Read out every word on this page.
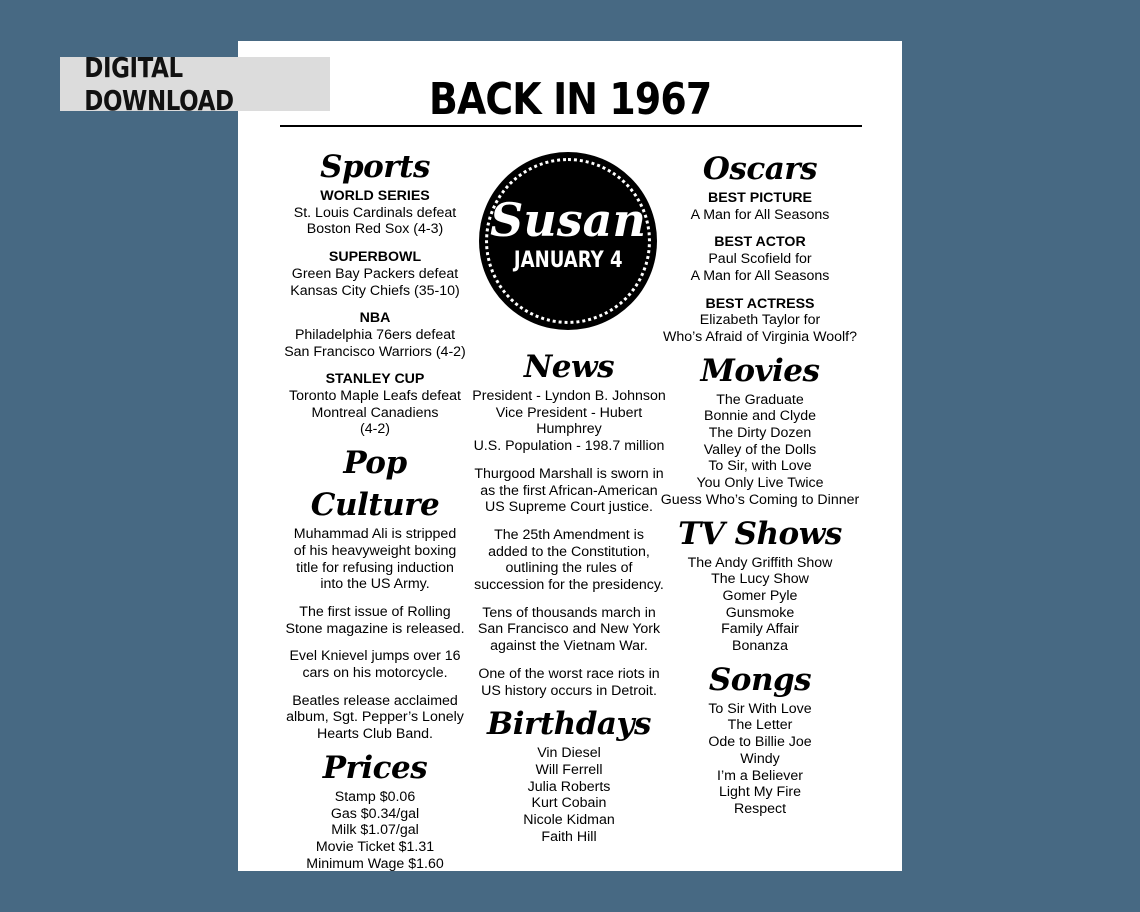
DIGITAL DOWNLOAD	BACK IN 1967
Susan
JANUARY 4
Sports
WORLD SERIES
St. Louis Cardinals defeat
Boston Red Sox (4-3)
SUPERBOWL
Green Bay Packers defeat
Kansas City Chiefs (35-10)
NBA
Philadelphia 76ers defeat
San Francisco Warriors (4-2)
STANLEY CUP
Toronto Maple Leafs defeat
Montreal Canadiens
(4-2)
Pop Culture
Muhammad Ali is stripped
of his heavyweight boxing
title for refusing induction
into the US Army.
The first issue of Rolling
Stone magazine is released.
Evel Knievel jumps over 16
cars on his motorcycle.
Beatles release acclaimed
album, Sgt. Pepper’s Lonely
Hearts Club Band.
Prices
Stamp $0.06
Gas $0.34/gal
Milk $1.07/gal
Movie Ticket $1.31
Minimum Wage $1.60
News
President - Lyndon B. Johnson
Vice President - Hubert Humphrey
U.S. Population - 198.7 million
Thurgood Marshall is sworn in
as the first African-American
US Supreme Court justice.
The 25th Amendment is
added to the Constitution,
outlining the rules of
succession for the presidency.
Tens of thousands march in
San Francisco and New York
against the Vietnam War.
One of the worst race riots in
US history occurs in Detroit.
Birthdays
Vin Diesel
Will Ferrell
Julia Roberts
Kurt Cobain
Nicole Kidman
Faith Hill
Oscars
BEST PICTURE
A Man for All Seasons
BEST ACTOR
Paul Scofield for
A Man for All Seasons
BEST ACTRESS
Elizabeth Taylor for
Who’s Afraid of Virginia Woolf?
Movies
The Graduate
Bonnie and Clyde
The Dirty Dozen
Valley of the Dolls
To Sir, with Love
You Only Live Twice
Guess Who’s Coming to Dinner
TV Shows
The Andy Griffith Show
The Lucy Show
Gomer Pyle
Gunsmoke
Family Affair
Bonanza
Songs
To Sir With Love
The Letter
Ode to Billie Joe
Windy
I’m a Believer
Light My Fire
Respect
